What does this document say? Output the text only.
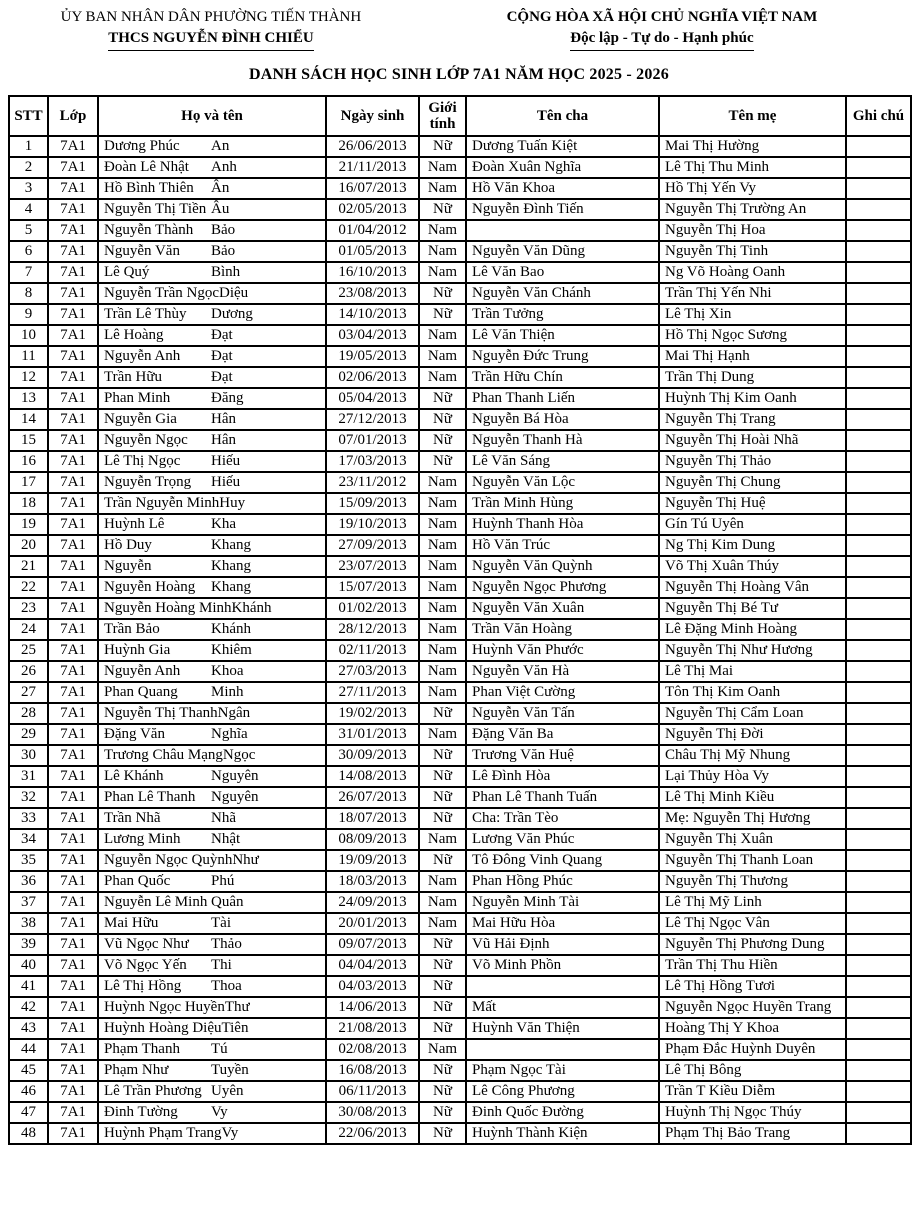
ỦY BAN NHÂN DÂN PHƯỜNG TIẾN THÀNH
THCS NGUYỄN ĐÌNH CHIỂU
CỘNG HÒA XÃ HỘI CHỦ NGHĨA VIỆT NAM
Độc lập - Tự do - Hạnh phúc
DANH SÁCH HỌC SINH LỚP 7A1 NĂM HỌC 2025 - 2026
STT	Lớp	Họ và tên	Ngày sinh	Giới tính	Tên cha	Tên mẹ	Ghi chú
1	7A1	Dương Phúc An	26/06/2013	Nữ	Dương Tuấn Kiệt	Mai Thị Hường	
2	7A1	Đoàn Lê Nhật Anh	21/11/2013	Nam	Đoàn Xuân Nghĩa	Lê Thị Thu Minh	
3	7A1	Hồ Bình Thiên Ân	16/07/2013	Nam	Hồ Văn Khoa	Hồ Thị Yến Vy	
4	7A1	Nguyễn Thị Tiền Âu	02/05/2013	Nữ	Nguyễn Đình Tiến	Nguyễn Thị Trường An	
5	7A1	Nguyễn Thành Bảo	01/04/2012	Nam		Nguyễn Thị Hoa	
6	7A1	Nguyễn Văn Bảo	01/05/2013	Nam	Nguyễn Văn Dũng	Nguyễn Thị Tinh	
7	7A1	Lê Quý Bình	16/10/2013	Nam	Lê Văn Bao	Ng Võ Hoàng Oanh	
8	7A1	Nguyễn Trần Ngọc Diệu	23/08/2013	Nữ	Nguyễn Văn Chánh	Trần Thị Yến Nhi	
9	7A1	Trần Lê Thùy Dương	14/10/2013	Nữ	Trần Tưởng	Lê Thị Xin	
10	7A1	Lê Hoàng Đạt	03/04/2013	Nam	Lê Văn Thiện	Hồ Thị Ngọc Sương	
11	7A1	Nguyễn Anh Đạt	19/05/2013	Nam	Nguyễn Đức Trung	Mai Thị Hạnh	
12	7A1	Trần Hữu Đạt	02/06/2013	Nam	Trần Hữu Chín	Trần Thị Dung	
13	7A1	Phan Minh Đăng	05/04/2013	Nữ	Phan Thanh Liến	Huỳnh Thị Kim Oanh	
14	7A1	Nguyễn Gia Hân	27/12/2013	Nữ	Nguyễn Bá Hòa	Nguyễn Thị Trang	
15	7A1	Nguyễn Ngọc Hân	07/01/2013	Nữ	Nguyễn Thanh Hà	Nguyễn Thị Hoài Nhã	
16	7A1	Lê Thị Ngọc Hiếu	17/03/2013	Nữ	Lê Văn Sáng	Nguyễn Thị Thảo	
17	7A1	Nguyễn Trọng Hiếu	23/11/2012	Nam	Nguyễn Văn Lộc	Nguyễn Thị Chung	
18	7A1	Trần Nguyễn Minh Huy	15/09/2013	Nam	Trần Minh Hùng	Nguyễn Thị Huệ	
19	7A1	Huỳnh Lê Kha	19/10/2013	Nam	Huỳnh Thanh Hòa	Gín Tú Uyên	
20	7A1	Hồ Duy Khang	27/09/2013	Nam	Hồ Văn Trúc	Ng Thị Kim Dung	
21	7A1	Nguyễn Khang	23/07/2013	Nam	Nguyễn Văn Quỳnh	Võ Thị Xuân Thúy	
22	7A1	Nguyễn Hoàng Khang	15/07/2013	Nam	Nguyễn Ngọc Phương	Nguyễn Thị Hoàng Vân	
23	7A1	Nguyễn Hoàng Minh Khánh	01/02/2013	Nam	Nguyễn Văn Xuân	Nguyễn Thị Bé Tư	
24	7A1	Trần Bảo Khánh	28/12/2013	Nam	Trần Văn Hoàng	Lê Đặng Minh Hoàng	
25	7A1	Huỳnh Gia Khiêm	02/11/2013	Nam	Huỳnh Văn Phước	Nguyễn Thị Như Hương	
26	7A1	Nguyễn Anh Khoa	27/03/2013	Nam	Nguyễn Văn Hà	Lê Thị Mai	
27	7A1	Phan Quang Minh	27/11/2013	Nam	Phan Việt Cường	Tôn Thị Kim Oanh	
28	7A1	Nguyễn Thị Thanh Ngân	19/02/2013	Nữ	Nguyễn Văn Tấn	Nguyễn Thị Cẩm Loan	
29	7A1	Đặng Văn Nghĩa	31/01/2013	Nam	Đặng Văn Ba	Nguyễn Thị Đời	
30	7A1	Trương Châu Mạng Ngọc	30/09/2013	Nữ	Trương Văn Huệ	Châu Thị Mỹ Nhung	
31	7A1	Lê Khánh Nguyên	14/08/2013	Nữ	Lê Đình Hòa	Lại Thủy Hòa Vy	
32	7A1	Phan Lê Thanh Nguyên	26/07/2013	Nữ	Phan Lê Thanh Tuấn	Lê Thị Minh Kiều	
33	7A1	Trần Nhã Nhã	18/07/2013	Nữ	Cha: Trần Tèo	Mẹ: Nguyễn Thị Hương	
34	7A1	Lương Minh Nhật	08/09/2013	Nam	Lương Văn Phúc	Nguyễn Thị Xuân	
35	7A1	Nguyễn Ngọc Quỳnh Như	19/09/2013	Nữ	Tô Đông Vinh Quang	Nguyễn Thị Thanh Loan	
36	7A1	Phan Quốc Phú	18/03/2013	Nam	Phan Hồng Phúc	Nguyễn Thị Thương	
37	7A1	Nguyễn Lê Minh Quân	24/09/2013	Nam	Nguyễn Minh Tài	Lê Thị Mỹ Linh	
38	7A1	Mai Hữu Tài	20/01/2013	Nam	Mai Hữu Hòa	Lê Thị Ngọc Vân	
39	7A1	Vũ Ngọc Như Thảo	09/07/2013	Nữ	Vũ Hải Định	Nguyễn Thị Phương Dung	
40	7A1	Võ Ngọc Yến Thi	04/04/2013	Nữ	Võ Minh Phồn	Trần Thị Thu Hiền	
41	7A1	Lê Thị Hồng Thoa	04/03/2013	Nữ		Lê Thị Hồng Tươi	
42	7A1	Huỳnh Ngọc Huyền Thư	14/06/2013	Nữ	Mất	Nguyễn Ngọc Huyền Trang	
43	7A1	Huỳnh Hoàng Diệu Tiên	21/08/2013	Nữ	Huỳnh Văn Thiện	Hoàng Thị Y Khoa	
44	7A1	Phạm Thanh Tú	02/08/2013	Nam		Phạm Đắc Huỳnh Duyên	
45	7A1	Phạm Như Tuyền	16/08/2013	Nữ	Phạm Ngọc Tài	Lê Thị Bông	
46	7A1	Lê Trần Phương Uyên	06/11/2013	Nữ	Lê Công Phương	Trần T Kiều Diễm	
47	7A1	Đinh Tường Vy	30/08/2013	Nữ	Đinh Quốc Đường	Huỳnh Thị Ngọc Thúy	
48	7A1	Huỳnh Phạm Trang Vy	22/06/2013	Nữ	Huỳnh Thành Kiện	Phạm Thị Bảo Trang	
